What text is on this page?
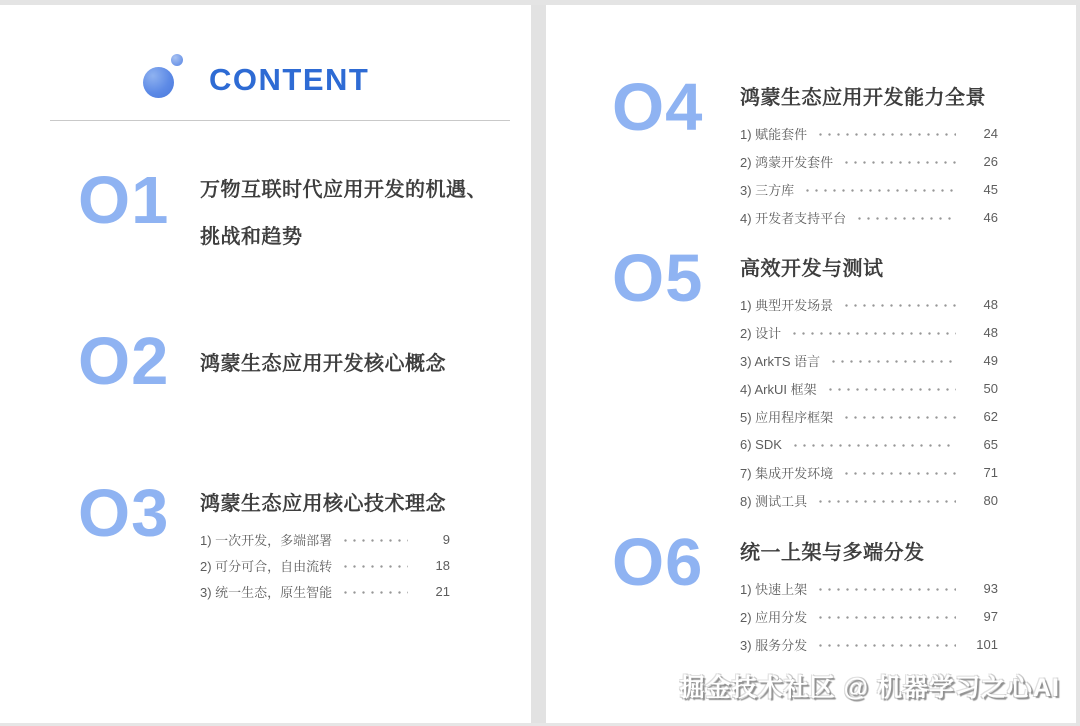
CONTENT
O1	万物互联时代应用开发的机遇、
挑战和趋势
O2	鸿蒙生态应用开发核心概念
O3	鸿蒙生态应用核心技术理念
1) 一次开发，多端部署	9
2) 可分可合，自由流转	18
3) 统一生态，原生智能	21
O4	鸿蒙生态应用开发能力全景
1) 赋能套件	24
2) 鸿蒙开发套件	26
3) 三方库	45
4) 开发者支持平台	46
O5	高效开发与测试
1) 典型开发场景	48
2) 设计	48
3) ArkTS 语言	49
4) ArkUI 框架	50
5) 应用程序框架	62
6) SDK	65
7) 集成开发环境	71
8) 测试工具	80
O6	统一上架与多端分发
1) 快速上架	93
2) 应用分发	97
3) 服务分发	101
掘金技术社区 @ 机器学习之心AI
